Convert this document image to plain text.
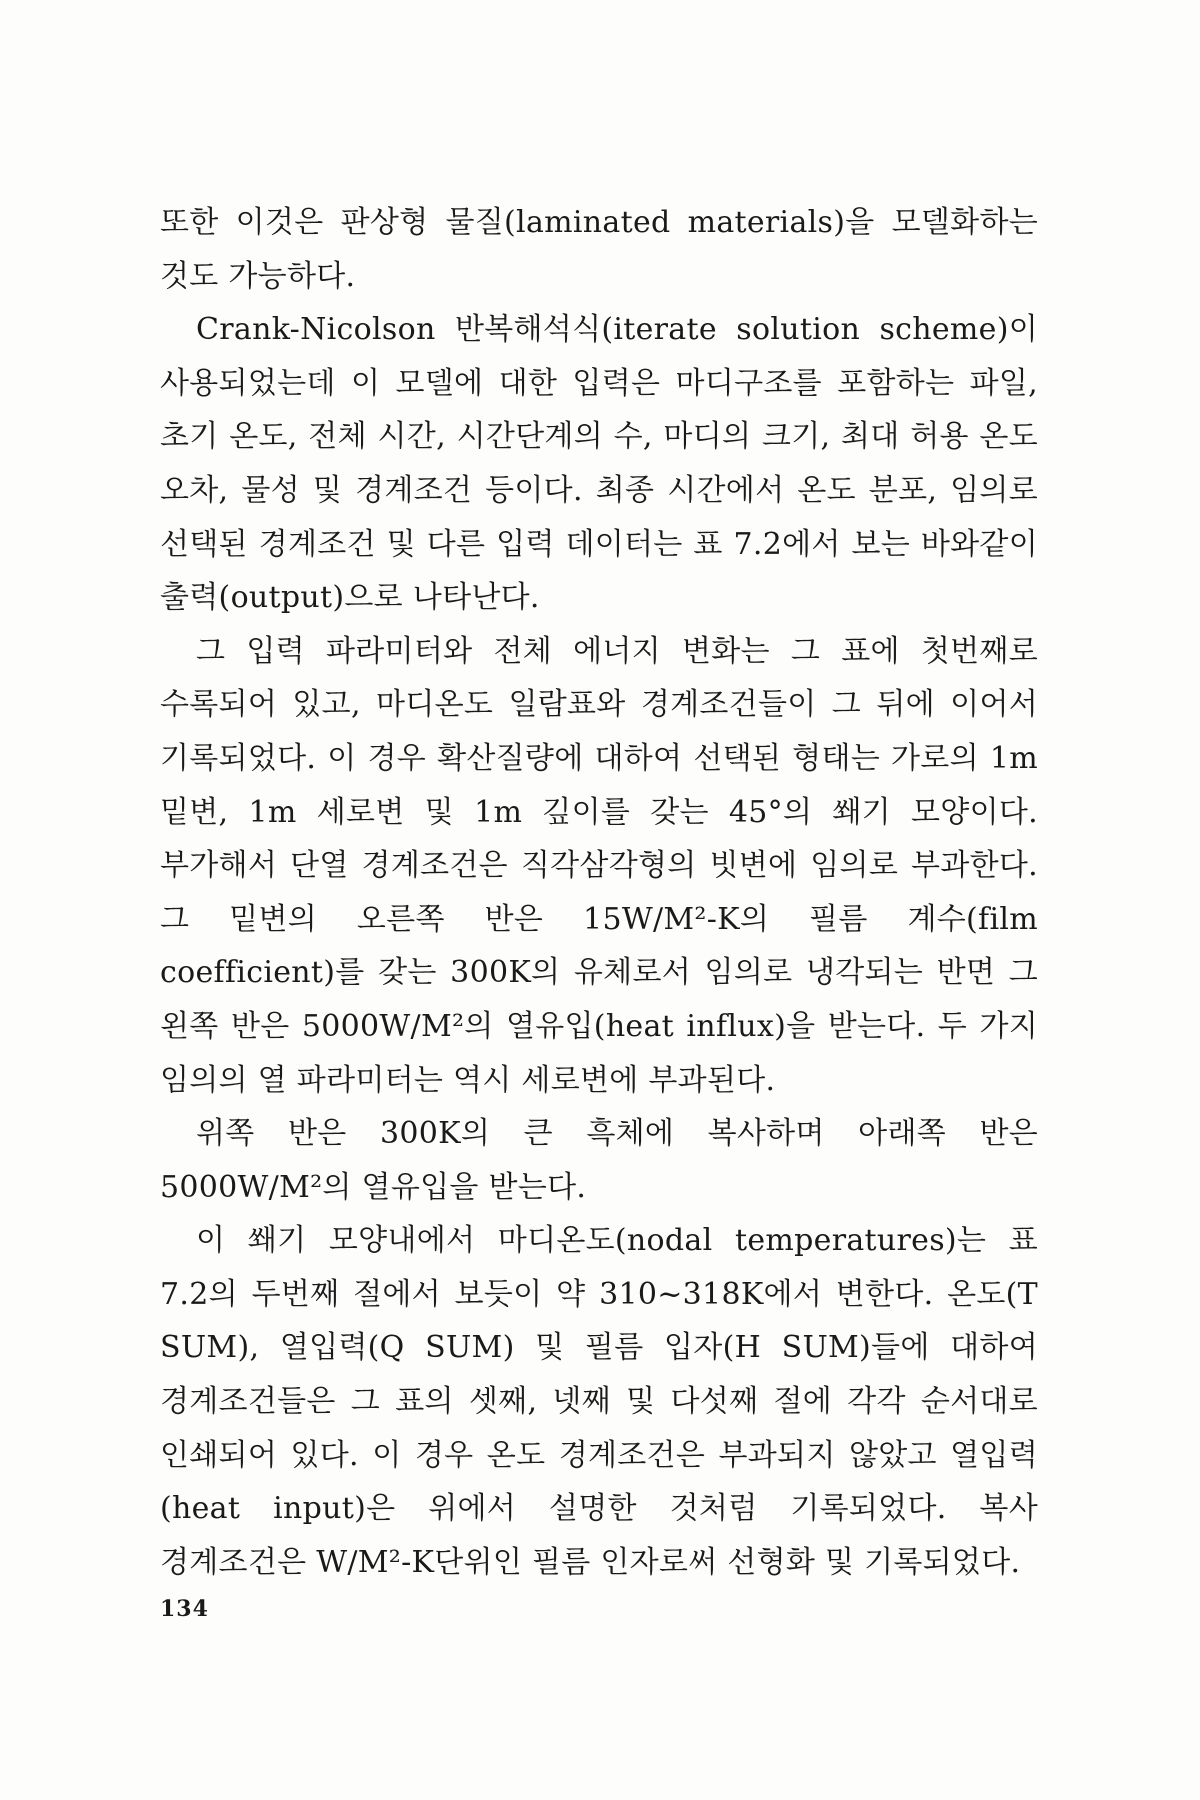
또한 이것은 판상형 물질(laminated materials)을 모델화하는 것도 가능하다.

Crank-Nicolson 반복해석식(iterate solution scheme)이 사용되었는데 이 모델에 대한 입력은 마디구조를 포함하는 파일, 초기 온도, 전체 시간, 시간단계의 수, 마디의 크기, 최대 허용 온도 오차, 물성 및 경계조건 등이다. 최종 시간에서 온도 분포, 임의로 선택된 경계조건 및 다른 입력 데이터는 표 7.2에서 보는 바와같이 출력(output)으로 나타난다.

그 입력 파라미터와 전체 에너지 변화는 그 표에 첫번째로 수록되어 있고, 마디온도 일람표와 경계조건들이 그 뒤에 이어서 기록되었다. 이 경우 확산질량에 대하여 선택된 형태는 가로의 1m 밑변, 1m 세로변 및 1m 깊이를 갖는 45°의 쐐기 모양이다. 부가해서 단열 경계조건은 직각삼각형의 빗변에 임의로 부과한다. 그 밑변의 오른쪽 반은 15W/M²-K의 필름 계수(film coefficient)를 갖는 300K의 유체로서 임의로 냉각되는 반면 그 왼쪽 반은 5000W/M²의 열유입(heat influx)을 받는다. 두 가지 임의의 열 파라미터는 역시 세로변에 부과된다.

위쪽 반은 300K의 큰 흑체에 복사하며 아래쪽 반은 5000W/M²의 열유입을 받는다.

이 쐐기 모양내에서 마디온도(nodal temperatures)는 표 7.2의 두번째 절에서 보듯이 약 310~318K에서 변한다. 온도(T SUM), 열입력(Q SUM) 및 필름 입자(H SUM)들에 대하여 경계조건들은 그 표의 셋째, 넷째 및 다섯째 절에 각각 순서대로 인쇄되어 있다. 이 경우 온도 경계조건은 부과되지 않았고 열입력(heat input)은 위에서 설명한 것처럼 기록되었다. 복사 경계조건은 W/M²-K단위인 필름 인자로써 선형화 및 기록되었다.

134
